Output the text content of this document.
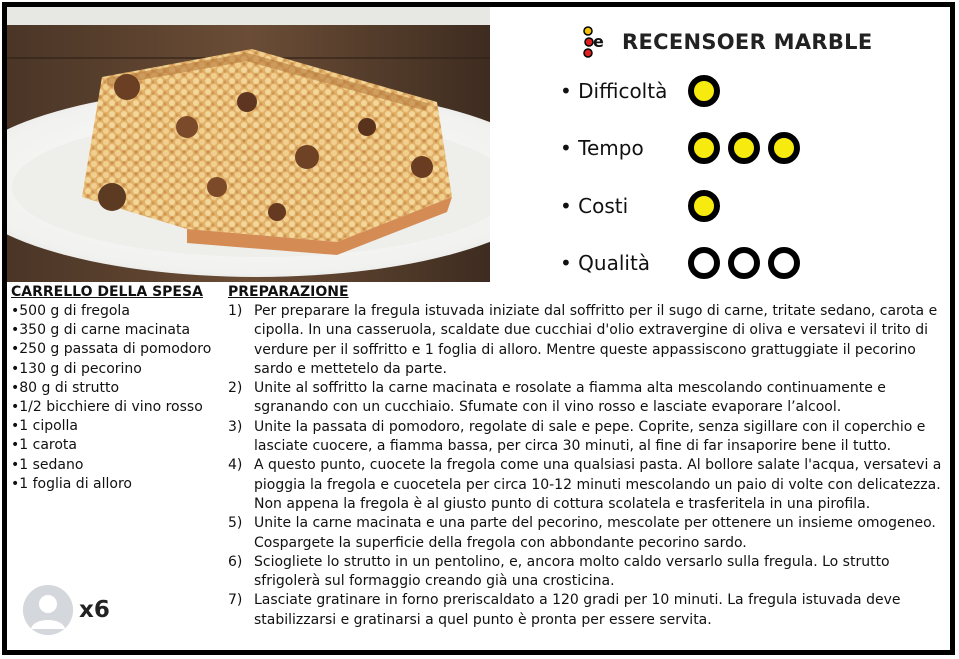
e RECENSOER MARBLE
• Difficoltà
• Tempo
• Costi
• Qualità

CARRELLO DELLA SPESA

•500 g di fregola

•350 g di carne macinata

•250 g passata di pomodoro

•130 g di pecorino

•80 g di strutto

•1/2 bicchiere di vino rosso

•1 cipolla

•1 carota

•1 sedano

•1 foglia di alloro

PREPARAZIONE

1) Per preparare la fregula istuvada iniziate dal soffritto per il sugo di carne, tritate sedano, carota e cipolla. In una casseruola, scaldate due cucchiai d'olio extravergine di oliva e versatevi il trito di verdure per il soffritto e 1 foglia di alloro. Mentre queste appassiscono grattuggiate il pecorino sardo e mettetelo da parte.
2) Unite al soffritto la carne macinata e rosolate a fiamma alta mescolando continuamente e sgranando con un cucchiaio. Sfumate con il vino rosso e lasciate evaporare l’alcool.
3) Unite la passata di pomodoro, regolate di sale e pepe. Coprite, senza sigillare con il coperchio e lasciate cuocere, a fiamma bassa, per circa 30 minuti, al fine di far insaporire bene il tutto.
4) A questo punto, cuocete la fregola come una qualsiasi pasta. Al bollore salate l'acqua, versatevi a pioggia la fregola e cuocetela per circa 10-12 minuti mescolando un paio di volte con delicatezza. Non appena la fregola è al giusto punto di cottura scolatela e trasferitela in una pirofila.
5) Unite la carne macinata e una parte del pecorino, mescolate per ottenere un insieme omogeneo. Cospargete la superficie della fregola con abbondante pecorino sardo.
6) Sciogliete lo strutto in un pentolino, e, ancora molto caldo versarlo sulla fregula. Lo strutto sfrigolerà sul formaggio creando già una crosticina.
7) Lasciate gratinare in forno preriscaldato a 120 gradi per 10 minuti. La fregula istuvada deve stabilizzarsi e gratinarsi a quel punto è pronta per essere servita.
x6
